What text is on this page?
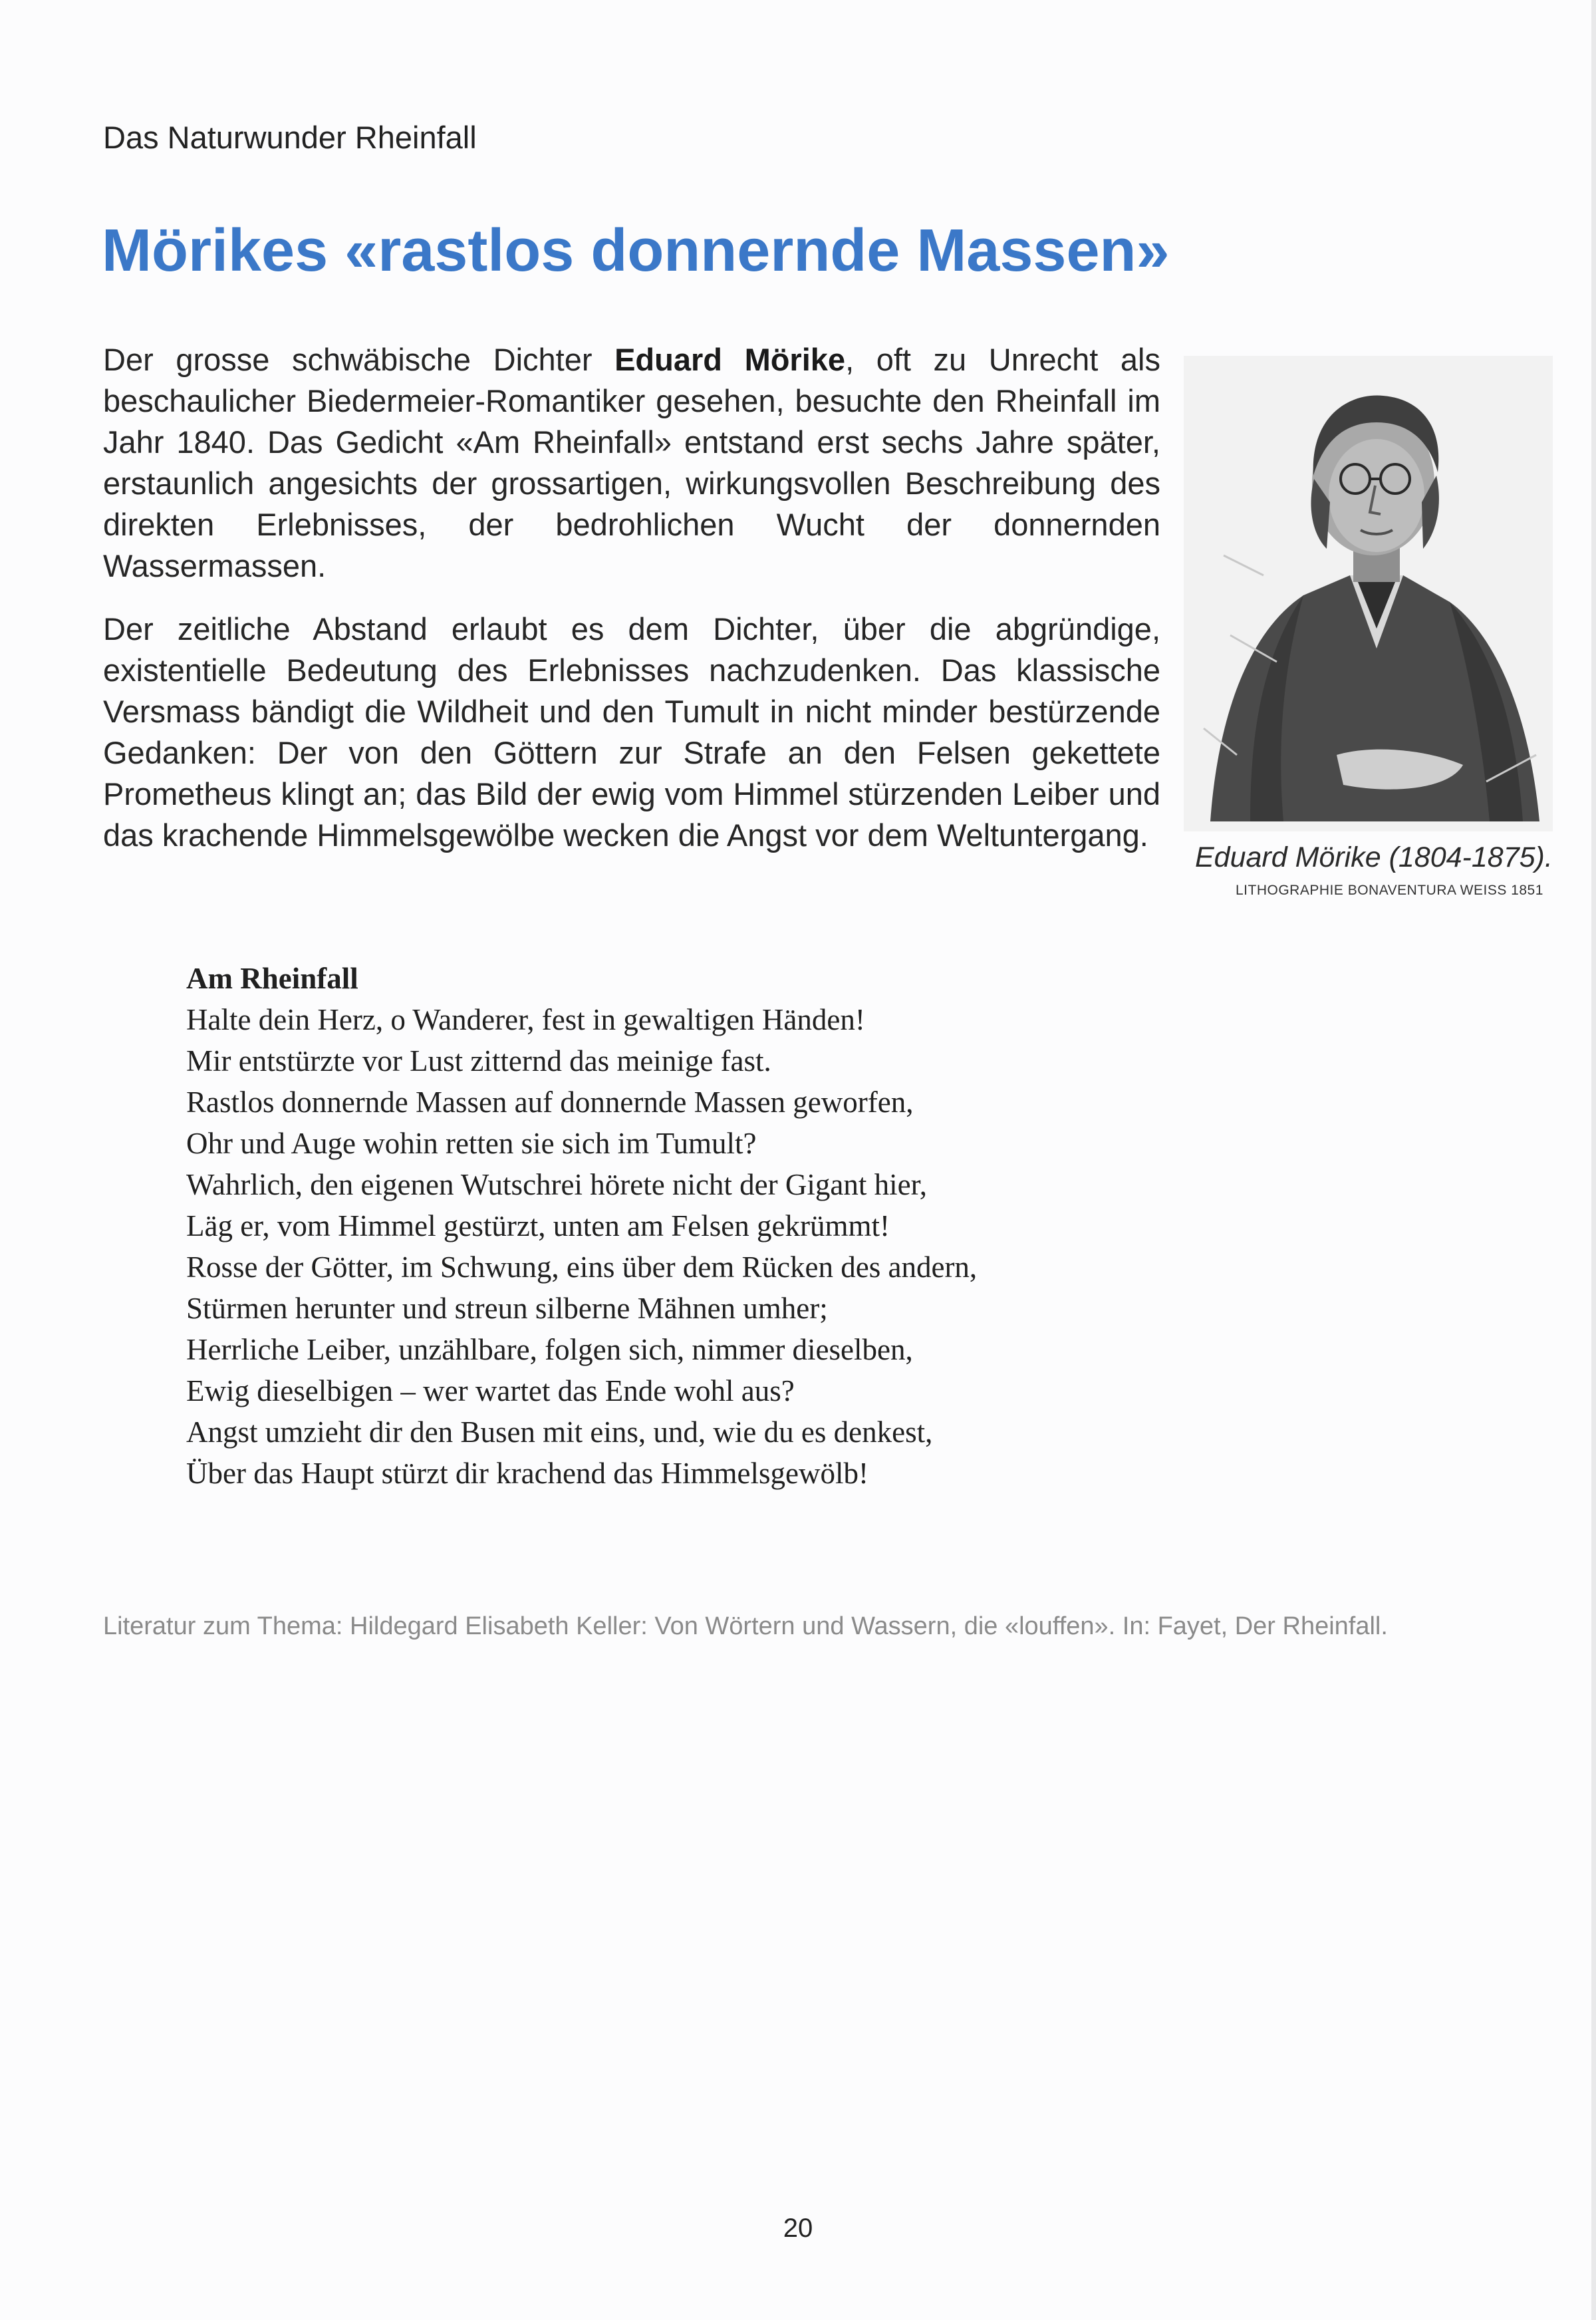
Das Naturwunder Rheinfall
Mörikes «rastlos donnernde Massen»

Der grosse schwäbische Dichter Eduard Mörike, oft zu Unrecht als beschaulicher Biedermeier-Romantiker gesehen, besuchte den Rheinfall im Jahr 1840. Das Gedicht «Am Rheinfall» entstand erst sechs Jahre später, erstaunlich angesichts der grossartigen, wirkungsvollen Beschreibung des direkten Erlebnisses, der bedrohlichen Wucht der donnernden Wassermassen.

Der zeitliche Abstand erlaubt es dem Dichter, über die abgründige, existentielle Bedeutung des Erlebnisses nachzudenken. Das klassische Versmass bändigt die Wildheit und den Tumult in nicht minder bestürzende Gedanken: Der von den Göttern zur Strafe an den Felsen gekettete Prometheus klingt an; das Bild der ewig vom Himmel stürzenden Leiber und das krachende Himmelsgewölbe wecken die Angst vor dem Weltuntergang.

Eduard Mörike (1804-1875).
LITHOGRAPHIE BONAVENTURA WEISS 1851

Am Rheinfall

Halte dein Herz, o Wanderer, fest in gewaltigen Händen!

Mir entstürzte vor Lust zitternd das meinige fast.

Rastlos donnernde Massen auf donnernde Massen geworfen,

Ohr und Auge wohin retten sie sich im Tumult?

Wahrlich, den eigenen Wutschrei hörete nicht der Gigant hier,

Läg er, vom Himmel gestürzt, unten am Felsen gekrümmt!

Rosse der Götter, im Schwung, eins über dem Rücken des andern,

Stürmen herunter und streun silberne Mähnen umher;

Herrliche Leiber, unzählbare, folgen sich, nimmer dieselben,

Ewig dieselbigen – wer wartet das Ende wohl aus?

Angst umzieht dir den Busen mit eins, und, wie du es denkest,

Über das Haupt stürzt dir krachend das Himmelsgewölb!

Literatur zum Thema: Hildegard Elisabeth Keller: Von Wörtern und Wassern, die «louffen». In: Fayet, Der Rheinfall.
20
